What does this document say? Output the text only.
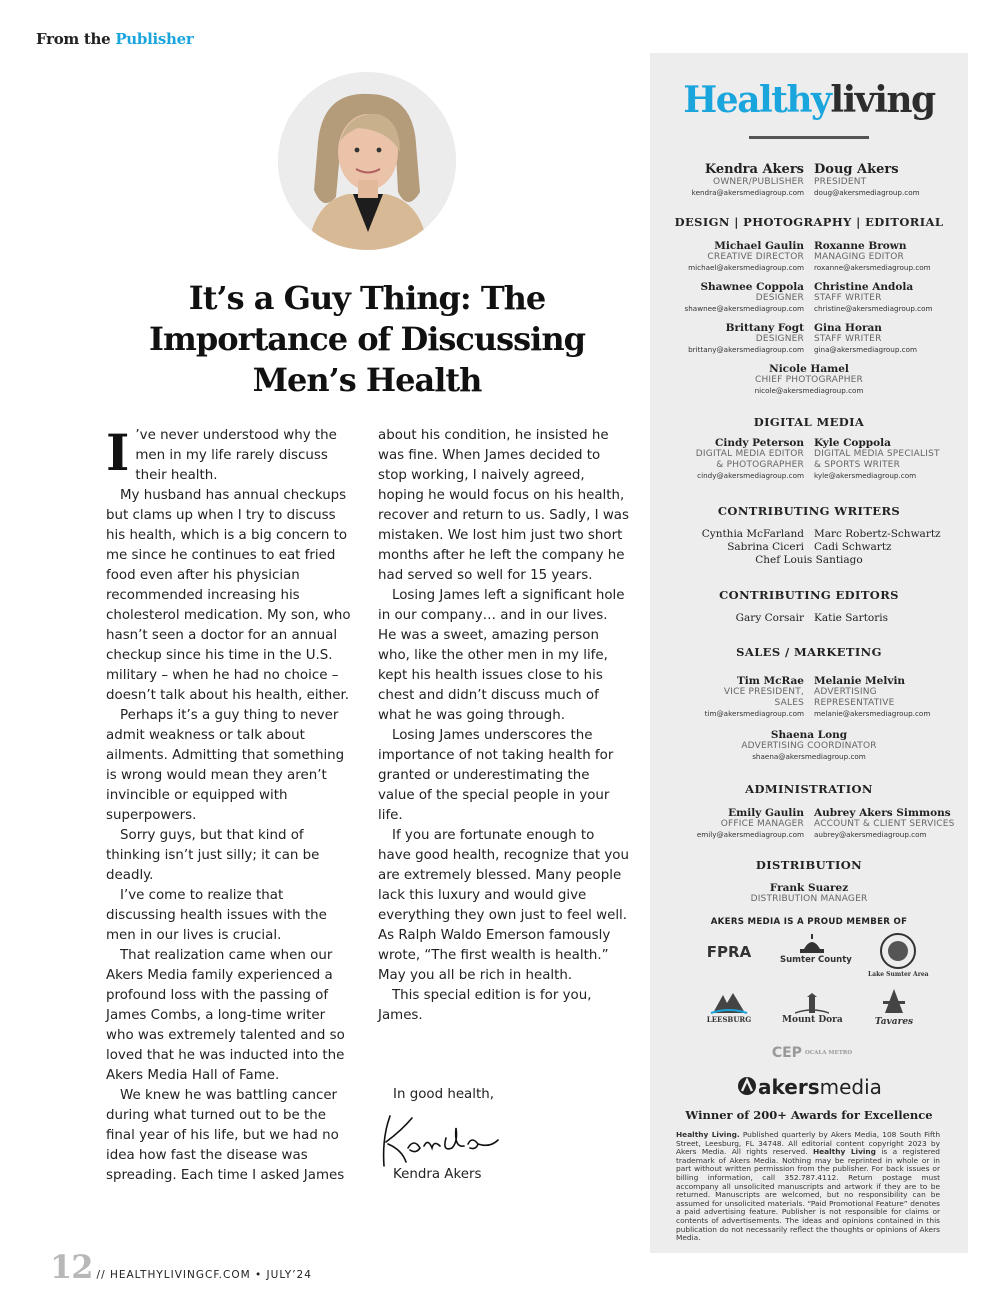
From the Publisher
It’s a Guy Thing: The
Importance of Discussing
Men’s Health

I ’ve never understood why the men in my life rarely discuss their health.

My husband has annual checkups but clams up when I try to discuss his health, which is a big concern to me since he continues to eat fried food even after his physician recommended increasing his cholesterol medication. My son, who hasn’t seen a doctor for an annual checkup since his time in the U.S. military – when he had no choice – doesn’t talk about his health, either.

Perhaps it’s a guy thing to never admit weakness or talk about ailments. Admitting that something is wrong would mean they aren’t invincible or equipped with superpowers.

Sorry guys, but that kind of thinking isn’t just silly; it can be deadly.

I’ve come to realize that discussing health issues with the men in our lives is crucial.

That realization came when our Akers Media family experienced a profound loss with the passing of James Combs, a long-time writer who was extremely talented and so loved that he was inducted into the Akers Media Hall of Fame.

We knew he was battling cancer during what turned out to be the final year of his life, but we had no idea how fast the disease was spreading. Each time I asked James

about his condition, he insisted he was fine. When James decided to stop working, I naively agreed, hoping he would focus on his health, recover and return to us. Sadly, I was mistaken. We lost him just two short months after he left the company he had served so well for 15 years.

Losing James left a significant hole in our company… and in our lives. He was a sweet, amazing person who, like the other men in my life, kept his health issues close to his chest and didn’t discuss much of what he was going through.

Losing James underscores the importance of not taking health for granted or underestimating the value of the special people in your life.

If you are fortunate enough to have good health, recognize that you are extremely blessed. Many people lack this luxury and would give everything they own just to feel well. As Ralph Waldo Emerson famously wrote, “The first wealth is health.” May you all be rich in health.

This special edition is for you, James.

In good health,
Kendra Akers
12 // HEALTHYLIVINGCF.COM • JULY’24
Healthyliving
Kendra Akers
OWNER/PUBLISHER
kendra@akersmediagroup.com
Doug Akers
PRESIDENT
doug@akersmediagroup.com
DESIGN | PHOTOGRAPHY | EDITORIAL
Michael Gaulin
CREATIVE DIRECTOR
michael@akersmediagroup.com
Roxanne Brown
MANAGING EDITOR
roxanne@akersmediagroup.com
Shawnee Coppola
DESIGNER
shawnee@akersmediagroup.com
Christine Andola
STAFF WRITER
christine@akersmediagroup.com
Brittany Fogt
DESIGNER
brittany@akersmediagroup.com
Gina Horan
STAFF WRITER
gina@akersmediagroup.com
Nicole Hamel
CHIEF PHOTOGRAPHER
nicole@akersmediagroup.com
DIGITAL MEDIA
Cindy Peterson
DIGITAL MEDIA EDITOR
& PHOTOGRAPHER
cindy@akersmediagroup.com
Kyle Coppola
DIGITAL MEDIA SPECIALIST
& SPORTS WRITER
kyle@akersmediagroup.com
CONTRIBUTING WRITERS
Cynthia McFarland
Sabrina Ciceri
Marc Robertz-Schwartz
Cadi Schwartz
Chef Louis Santiago
CONTRIBUTING EDITORS
Gary Corsair Katie Sartoris
SALES / MARKETING
Tim McRae
VICE PRESIDENT,
SALES
tim@akersmediagroup.com
Melanie Melvin
ADVERTISING
REPRESENTATIVE
melanie@akersmediagroup.com
Shaena Long
ADVERTISING COORDINATOR
shaena@akersmediagroup.com
ADMINISTRATION
Emily Gaulin
OFFICE MANAGER
emily@akersmediagroup.com
Aubrey Akers Simmons
ACCOUNT & CLIENT SERVICES
aubrey@akersmediagroup.com
DISTRIBUTION
Frank Suarez
DISTRIBUTION MANAGER
AKERS MEDIA IS A PROUD MEMBER OF
FPRA	Sumter County
Lake Sumter Area
LEESBURG	Mount Dora	Tavares
CEP OCALA METRO
akersmedia
Winner of 200+ Awards for Excellence
Healthy Living. Published quarterly by Akers Media, 108 South Fifth Street, Leesburg, FL 34748. All editorial content copyright 2023 by Akers Media. All rights reserved. Healthy Living is a registered trademark of Akers Media. Nothing may be reprinted in whole or in part without written permission from the publisher. For back issues or billing information, call 352.787.4112. Return postage must accompany all unsolicited manuscripts and artwork if they are to be returned. Manuscripts are welcomed, but no responsibility can be assumed for unsolicited materials. “Paid Promotional Feature” denotes a paid advertising feature. Publisher is not responsible for claims or contents of advertisements. The ideas and opinions contained in this publication do not necessarily reflect the thoughts or opinions of Akers Media.
